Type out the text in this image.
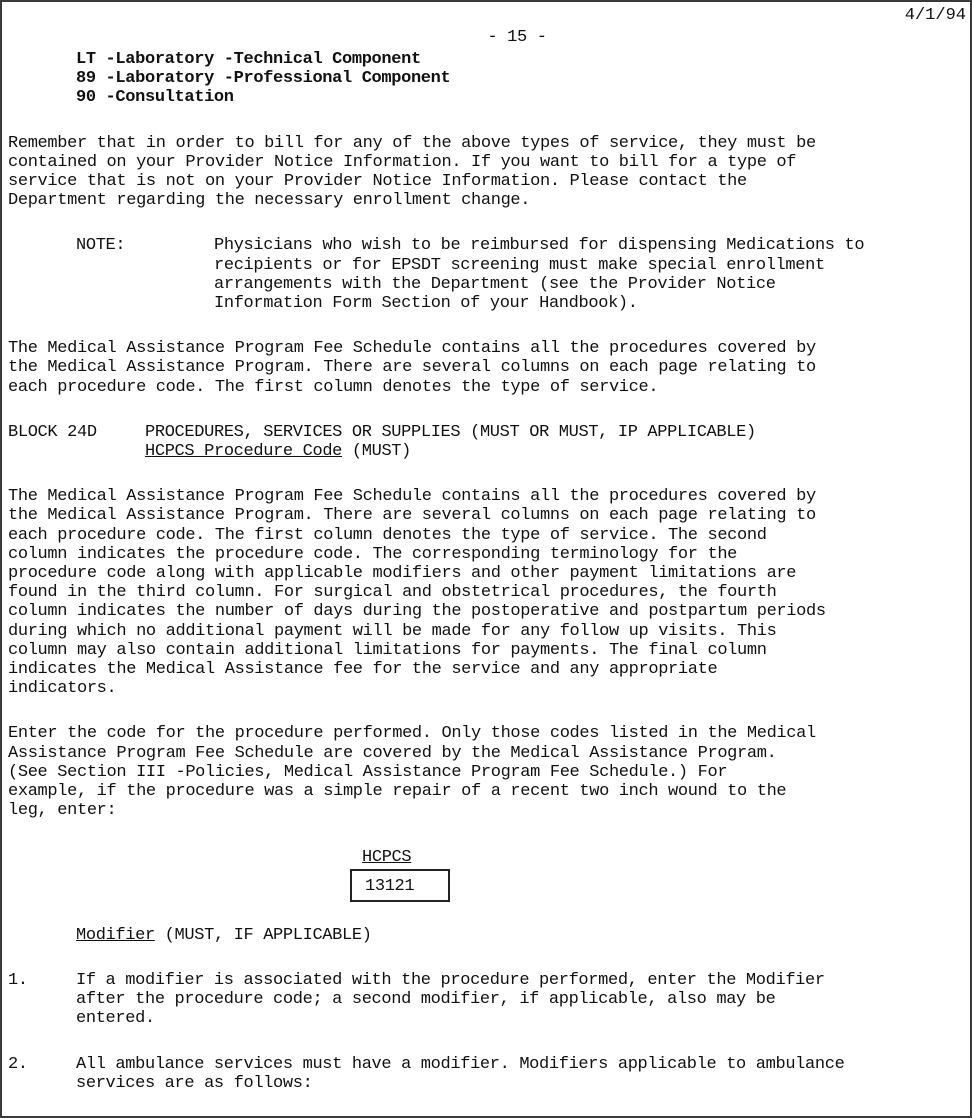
4/1/94
- 15 -
LT -Laboratory -Technical Component
89 -Laboratory -Professional Component
90 -Consultation

Remember that in order to bill for any of the above types of service, they must be
contained on your Provider Notice Information. If you want to bill for a type of
service that is not on your Provider Notice Information. Please contact the
Department regarding the necessary enrollment change.

NOTE:	Physicians who wish to be reimbursed for dispensing Medications to
recipients or for EPSDT screening must make special enrollment
arrangements with the Department (see the Provider Notice
Information Form Section of your Handbook).

The Medical Assistance Program Fee Schedule contains all the procedures covered by
the Medical Assistance Program. There are several columns on each page relating to
each procedure code. The first column denotes the type of service.

BLOCK 24D	PROCEDURES, SERVICES OR SUPPLIES (MUST OR MUST, IP APPLICABLE)
HCPCS Procedure Code (MUST)

The Medical Assistance Program Fee Schedule contains all the procedures covered by
the Medical Assistance Program. There are several columns on each page relating to
each procedure code. The first column denotes the type of service. The second
column indicates the procedure code. The corresponding terminology for the
procedure code along with applicable modifiers and other payment limitations are
found in the third column. For surgical and obstetrical procedures, the fourth
column indicates the number of days during the postoperative and postpartum periods
during which no additional payment will be made for any follow up visits. This
column may also contain additional limitations for payments. The final column
indicates the Medical Assistance fee for the service and any appropriate
indicators.

Enter the code for the procedure performed. Only those codes listed in the Medical
Assistance Program Fee Schedule are covered by the Medical Assistance Program.
(See Section III -Policies, Medical Assistance Program Fee Schedule.) For
example, if the procedure was a simple repair of a recent two inch wound to the
leg, enter:

HCPCS
13121
Modifier (MUST, IF APPLICABLE)
1.	If a modifier is associated with the procedure performed, enter the Modifier
after the procedure code; a second modifier, if applicable, also may be
entered.
2.	All ambulance services must have a modifier. Modifiers applicable to ambulance
services are as follows:
